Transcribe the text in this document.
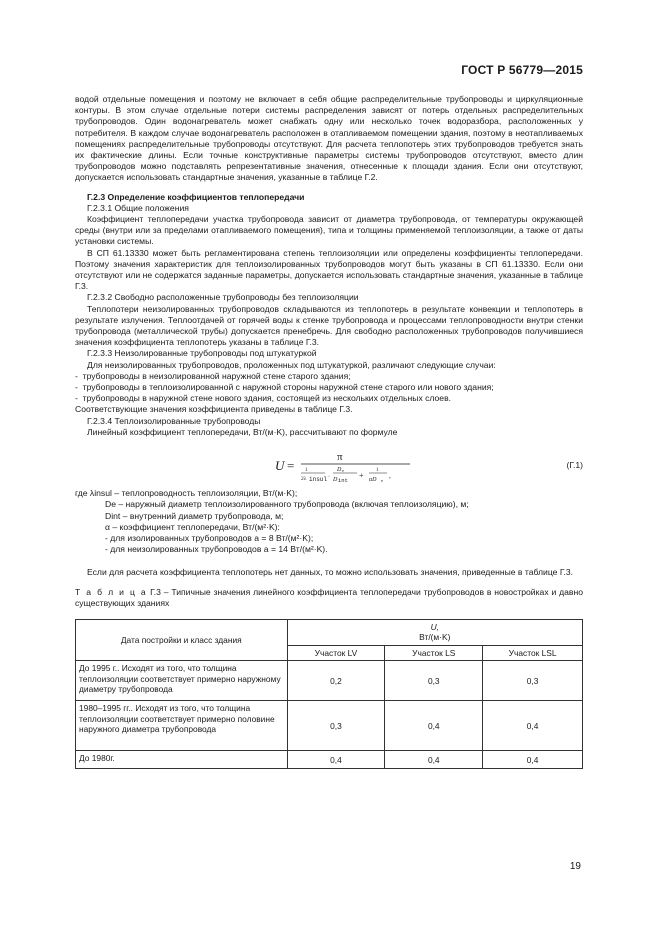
ГОСТ Р 56779—2015

водой отдельные помещения и поэтому не включает в себя общие распределительные трубопроводы и циркуляционные контуры. В этом случае отдельные потери системы распределения зависят от потерь отдельных распределительных трубопроводов. Один водонагреватель может снабжать одну или несколько точек водоразбора, расположенных у потребителя. В каждом случае водонагреватель расположен в отапливаемом помещении здания, поэтому в неотапливаемых помещениях распределительные трубопроводы отсутствуют. Для расчета теплопотерь этих трубопроводов требуется знать их фактические длины. Если точные конструктивные параметры системы трубопроводов отсутствуют, вместо длин трубопроводов можно подставлять репрезентативные значения, отнесенные к площади здания. Если они отсутствуют, допускается использовать стандартные значения, указанные в таблице Г.2.

Г.2.3 Определение коэффициентов теплопередачи

Г.2.3.1 Общие положения

Коэффициент теплопередачи участка трубопровода зависит от диаметра трубопровода, от температуры окружающей среды (внутри или за пределами отапливаемого помещения), типа и толщины применяемой теплоизоляции, а также от даты установки системы.

В СП 61.13330 может быть регламентирована степень теплоизоляции или определены коэффициенты теплопередачи. Поэтому значения характеристик для теплоизолированных трубопроводов могут быть указаны в СП 61.13330. Если они отсутствуют или не содержатся заданные параметры, допускается использовать стандартные значения, указанные в таблице Г.3.

Г.2.3.2 Свободно расположенные трубопроводы без теплоизоляции

Теплопотери неизолированных трубопроводов складываются из теплопотерь в результате конвекции и теплопотерь в результате излучения. Теплоотдачей от горячей воды к стенке трубопровода и процессами теплопроводности внутри стенки трубопровода (металлической трубы) допускается пренебречь. Для свободно расположенных трубопроводов получившиеся значения коэффициента теплопотерь указаны в таблице Г.3.

Г.2.3.3 Неизолированные трубопроводы под штукатуркой

Для неизолированных трубопроводов, проложенных под штукатуркой, различают следующие случаи:

- трубопроводы в неизолированной наружной стене старого здания;

- трубопроводы в теплоизолированной с наружной стороны наружной стене старого или нового здания;

- трубопроводы в наружной стене нового здания, состоящей из нескольких отдельных слоев.

Соответствующие значения коэффициента приведены в таблице Г.3.

Г.2.3.4 Теплоизолированные трубопроводы

Линейный коэффициент теплопередачи, Вт/(м·K), рассчитывают по формуле

U =
π
1
2λ insul ·
D e
D int
+
1
αD e
,
(Г.1)

где λinsul – теплопроводность теплоизоляции, Вт/(м·K);

De – наружный диаметр теплоизолированного трубопровода (включая теплоизоляцию), м;

Dint – внутренний диаметр трубопровода, м;

α – коэффициент теплопередачи, Вт/(м²·K):

- для изолированных трубопроводов a = 8 Вт/(м²·K);

- для неизолированных трубопроводов a = 14 Вт/(м²·K).

Если для расчета коэффициента теплопотерь нет данных, то можно использовать значения, приведенные в таблице Г.3.

Т а б л и ц а Г.3 – Типичные значения линейного коэффициента теплопередачи трубопроводов в новостройках и давно существующих зданиях

Дата постройки и класс здания	U,
Вт/(м·K)		
	Участок LV	Участок LS	Участок LSL
До 1995 г.. Исходят из того, что толщина теплоизоляции соответствует примерно наружному диаметру трубопровода	0,2	0,3	0,3
1980–1995 гг.. Исходят из того, что толщина теплоизоляции соответствует примерно половине наружного диаметра трубопровода	0,3	0,4	0,4
До 1980г.	0,4	0,4	0,4
19
